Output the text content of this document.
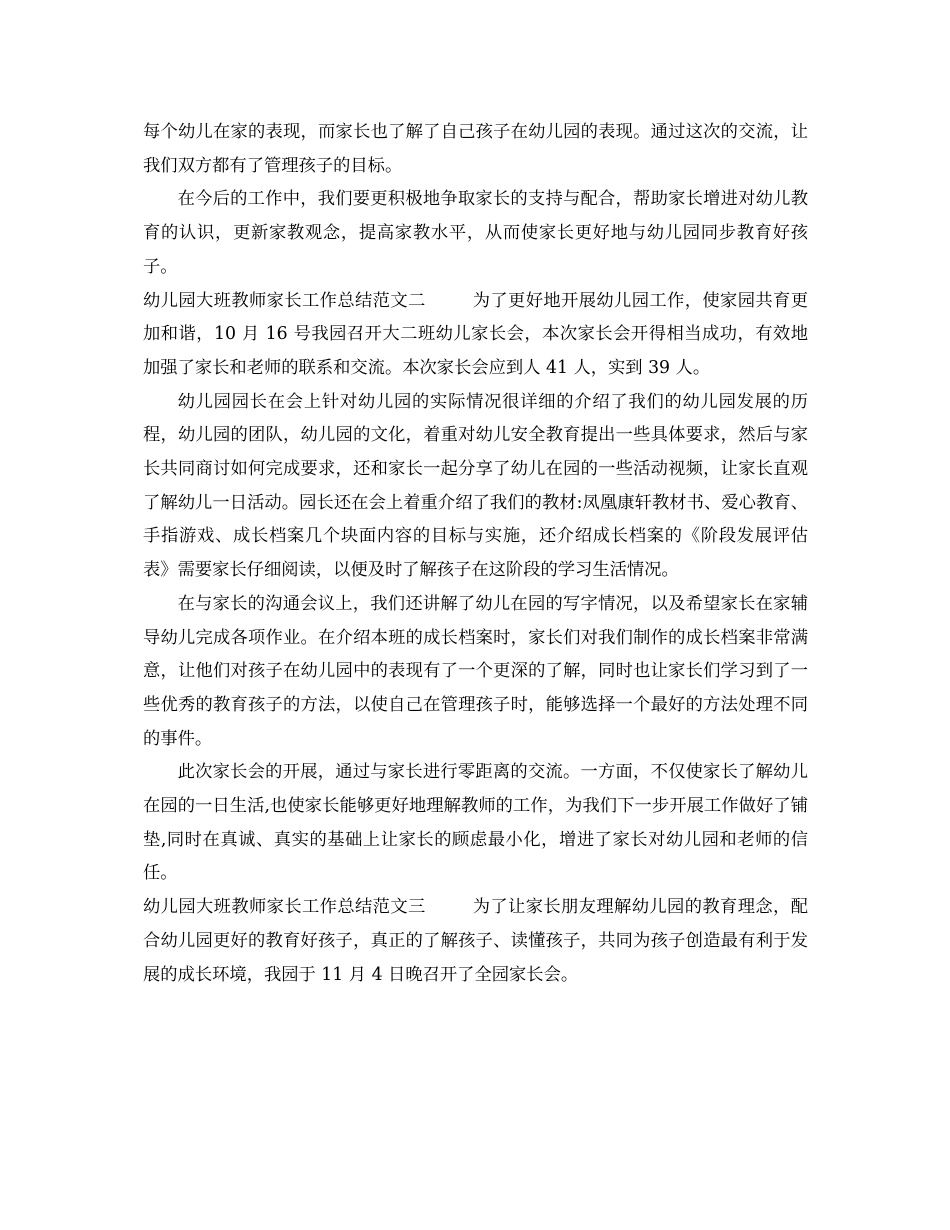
每个幼儿在家的表现，而家长也了解了自己孩子在幼儿园的表现。通过这次的交流，让我们双方都有了管理孩子的目标。

在今后的工作中，我们要更积极地争取家长的支持与配合，帮助家长增进对幼儿教育的认识，更新家教观念，提高家教水平，从而使家长更好地与幼儿园同步教育好孩子。

幼儿园大班教师家长工作总结范文二	为了更好地开展幼儿园工作，使家园共育更加和谐，10 月 16 号我园召开大二班幼儿家长会，本次家长会开得相当成功，有效地加强了家长和老师的联系和交流。本次家长会应到人 41 人，实到 39 人。

幼儿园园长在会上针对幼儿园的实际情况很详细的介绍了我们的幼儿园发展的历程，幼儿园的团队，幼儿园的文化，着重对幼儿安全教育提出一些具体要求，然后与家长共同商讨如何完成要求，还和家长一起分享了幼儿在园的一些活动视频，让家长直观了解幼儿一日活动。园长还在会上着重介绍了我们的教材:凤凰康轩教材书、爱心教育、手指游戏、成长档案几个块面内容的目标与实施，还介绍成长档案的《阶段发展评估表》需要家长仔细阅读，以便及时了解孩子在这阶段的学习生活情况。

在与家长的沟通会议上，我们还讲解了幼儿在园的写字情况，以及希望家长在家辅导幼儿完成各项作业。在介绍本班的成长档案时，家长们对我们制作的成长档案非常满意，让他们对孩子在幼儿园中的表现有了一个更深的了解，同时也让家长们学习到了一些优秀的教育孩子的方法，以使自己在管理孩子时，能够选择一个最好的方法处理不同的事件。

此次家长会的开展，通过与家长进行零距离的交流。一方面，不仅使家长了解幼儿在园的一日生活,也使家长能够更好地理解教师的工作，为我们下一步开展工作做好了铺垫,同时在真诚、真实的基础上让家长的顾虑最小化，增进了家长对幼儿园和老师的信任。

幼儿园大班教师家长工作总结范文三	为了让家长朋友理解幼儿园的教育理念，配合幼儿园更好的教育好孩子，真正的了解孩子、读懂孩子，共同为孩子创造最有利于发展的成长环境，我园于 11 月 4 日晚召开了全园家长会。
